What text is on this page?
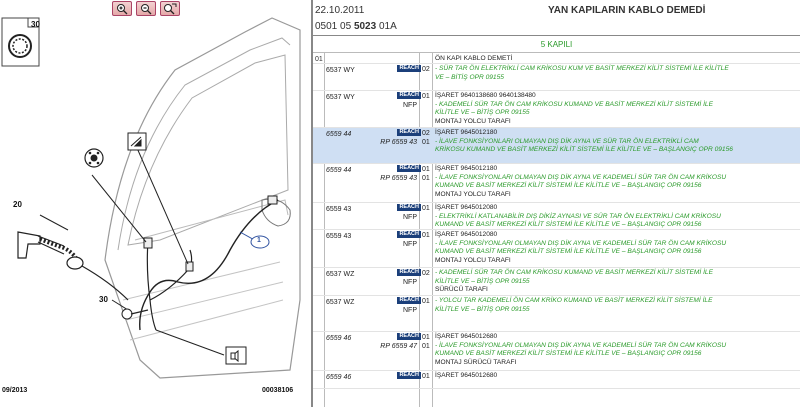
30
20
30
1
09/2013	00038106
22.10.2011
0501 05 5023 01A
YAN KAPILARIN KABLO DEMEDİ
5 KAPILI
01	ÖN KAPI KABLO DEMETİ
6537 WY	REACH 02 - SÜR TAR ÖN ELEKTRİKLİ CAM KRİKOSU KUM VE BASİT MERKEZİ KİLİT SİSTEMİ İLE KİLİTLE
VE – BİTİŞ OPR 09155
6537 WY	REACH 01
NFP
İŞARET 9640138680 9640138480
- KADEMELİ SÜR TAR ÖN CAM KRİKOSU KUMAND VE BASİT MERKEZİ KİLİT SİSTEMİ İLE
KİLİTLE VE – BİTİŞ OPR 09155
MONTAJ YOLCU TARAFI
6559 44	REACH 02
RP 6559 43 01
İŞARET 9645012180
- İLAVE FONKSİYONLARI OLMAYAN DIŞ DİK AYNA VE SÜR TAR ÖN ELEKTRİKLİ CAM
KRİKOSU KUMAND VE BASİT MERKEZİ KİLİT SİSTEMİ İLE KİLİTLE VE – BAŞLANGIÇ OPR 09156
6559 44	REACH 01
RP 6559 43 01
İŞARET 9645012180
- İLAVE FONKSİYONLARI OLMAYAN DIŞ DİK AYNA VE KADEMELİ SÜR TAR ÖN CAM KRİKOSU
KUMAND VE BASİT MERKEZİ KİLİT SİSTEMİ İLE KİLİTLE VE – BAŞLANGIÇ OPR 09156
MONTAJ YOLCU TARAFI
6559 43	REACH 01
NFP
İŞARET 9645012080
- ELEKTRİKLİ KATLANABİLİR DIŞ DİKİZ AYNASI VE SÜR TAR ÖN ELEKTRİKLİ CAM KRİKOSU
KUMAND VE BASİT MERKEZİ KİLİT SİSTEMİ İLE KİLİTLE VE – BAŞLANGIÇ OPR 09156
6559 43	REACH 01
NFP
İŞARET 9645012080
- İLAVE FONKSİYONLARI OLMAYAN DIŞ DİK AYNA VE KADEMELİ SÜR TAR ÖN CAM KRİKOSU
KUMAND VE BASİT MERKEZİ KİLİT SİSTEMİ İLE KİLİTLE VE – BAŞLANGIÇ OPR 09156
MONTAJ YOLCU TARAFI
6537 WZ	REACH 02
NFP
- KADEMELİ SÜR TAR ÖN CAM KRİKOSU KUMAND VE BASİT MERKEZİ KİLİT SİSTEMİ İLE
KİLİTLE VE – BİTİŞ OPR 09155
SÜRÜCÜ TARAFI
6537 WZ	REACH 01
NFP
- YOLCU TAR KADEMELİ ÖN CAM KRİKO KUMAND VE BASİT MERKEZİ KİLİT SİSTEMİ İLE
KİLİTLE VE – BİTİŞ OPR 09155
6559 46	REACH 01
RP 6559 47 01
İŞARET 9645012680
- İLAVE FONKSİYONLARI OLMAYAN DIŞ DİK AYNA VE KADEMELİ SÜR TAR ÖN CAM KRİKOSU
KUMAND VE BASİT MERKEZİ KİLİT SİSTEMİ İLE KİLİTLE VE – BAŞLANGIÇ OPR 09156
MONTAJ SÜRÜCÜ TARAFI
6559 46	REACH 01 İŞARET 9645012680
